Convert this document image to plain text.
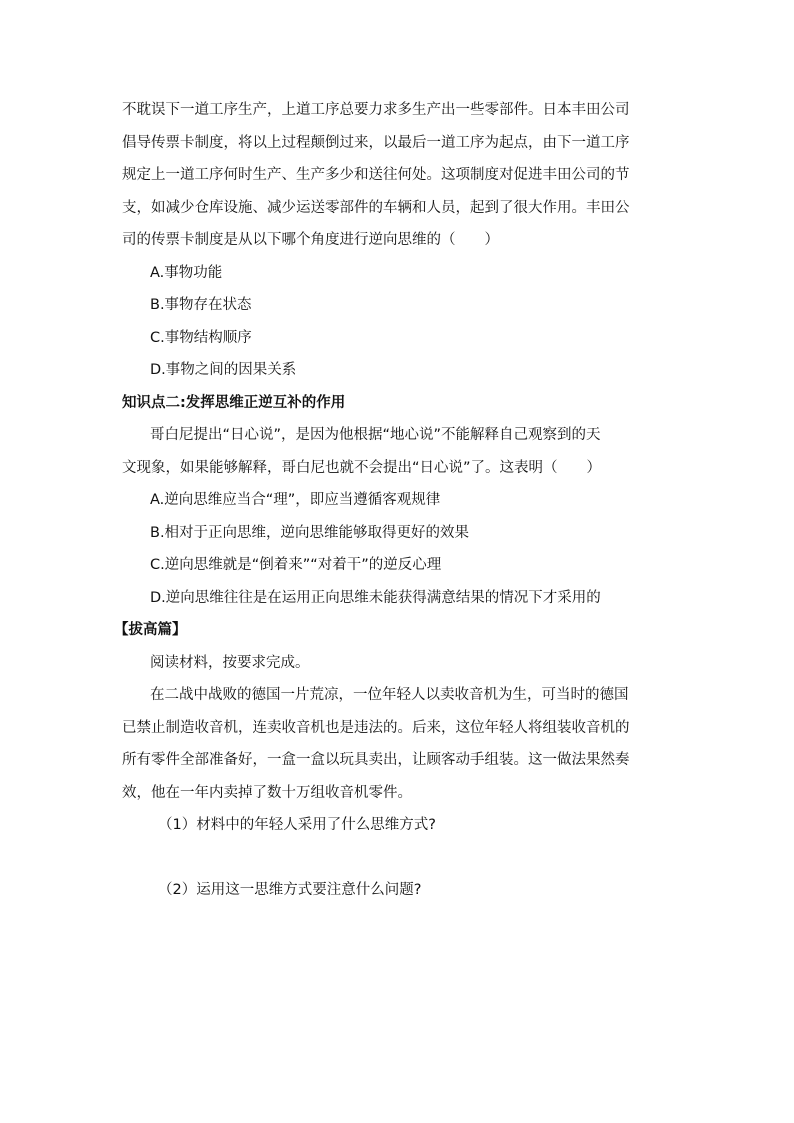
不耽误下一道工序生产，上道工序总要力求多生产出一些零部件。日本丰田公司
倡导传票卡制度，将以上过程颠倒过来，以最后一道工序为起点，由下一道工序
规定上一道工序何时生产、生产多少和送往何处。这项制度对促进丰田公司的节
支，如减少仓库设施、减少运送零部件的车辆和人员，起到了很大作用。丰田公
司的传票卡制度是从以下哪个角度进行逆向思维的（　　）
A.事物功能
B.事物存在状态
C.事物结构顺序
D.事物之间的因果关系
知识点二:发挥思维正逆互补的作用
哥白尼提出“日心说”，是因为他根据“地心说”不能解释自己观察到的天
文现象，如果能够解释，哥白尼也就不会提出“日心说”了。这表明（　　）
A.逆向思维应当合“理”，即应当遵循客观规律
B.相对于正向思维，逆向思维能够取得更好的效果
C.逆向思维就是“倒着来”“对着干”的逆反心理
D.逆向思维往往是在运用正向思维未能获得满意结果的情况下才采用的
【拔高篇】
阅读材料，按要求完成。
在二战中战败的德国一片荒凉，一位年轻人以卖收音机为生，可当时的德国
已禁止制造收音机，连卖收音机也是违法的。后来，这位年轻人将组装收音机的
所有零件全部准备好，一盒一盒以玩具卖出，让顾客动手组装。这一做法果然奏
效，他在一年内卖掉了数十万组收音机零件。
（1）材料中的年轻人采用了什么思维方式?
（2）运用这一思维方式要注意什么问题?
